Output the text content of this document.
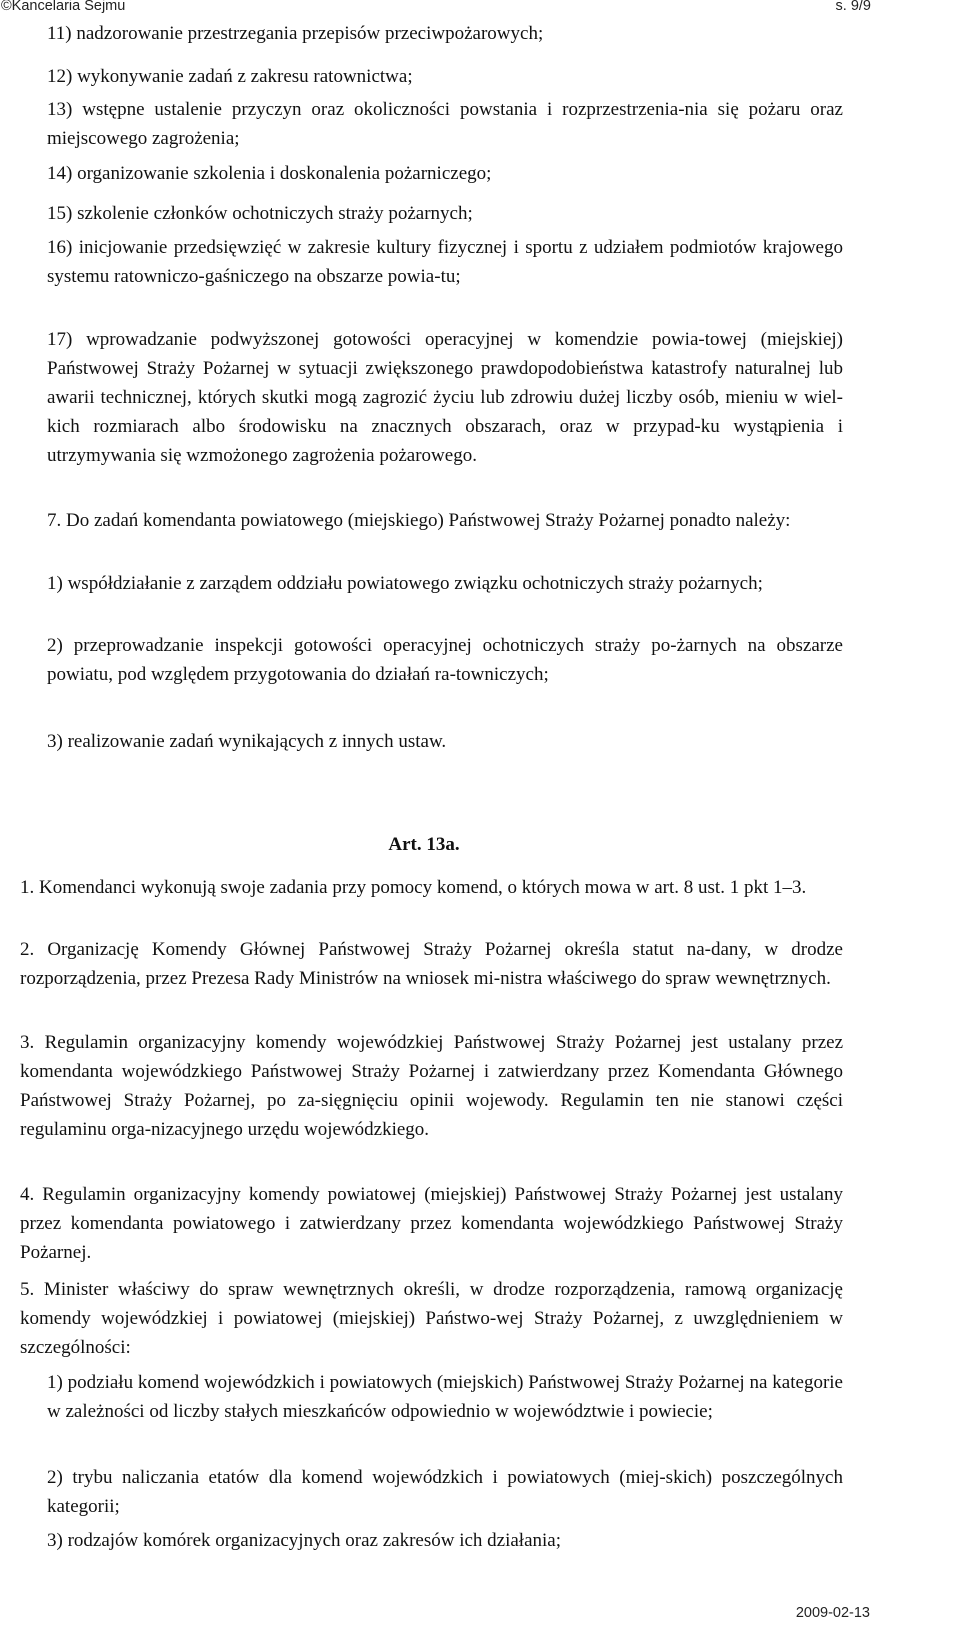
©Kancelaria Sejmu	s. 9/9
11) nadzorowanie przestrzegania przepisów przeciwpożarowych;
12) wykonywanie zadań z zakresu ratownictwa;
13) wstępne ustalenie przyczyn oraz okoliczności powstania i rozprzestrzenia-nia się pożaru oraz miejscowego zagrożenia;
14) organizowanie szkolenia i doskonalenia pożarniczego;
15) szkolenie członków ochotniczych straży pożarnych;
16) inicjowanie przedsięwzięć w zakresie kultury fizycznej i sportu z udziałem podmiotów krajowego systemu ratowniczo-gaśniczego na obszarze powia-tu;
17) wprowadzanie podwyższonej gotowości operacyjnej w komendzie powia-towej (miejskiej) Państwowej Straży Pożarnej w sytuacji zwiększonego prawdopodobieństwa katastrofy naturalnej lub awarii technicznej, których skutki mogą zagrozić życiu lub zdrowiu dużej liczby osób, mieniu w wiel-kich rozmiarach albo środowisku na znacznych obszarach, oraz w przypad-ku wystąpienia i utrzymywania się wzmożonego zagrożenia pożarowego.
7. Do zadań komendanta powiatowego (miejskiego) Państwowej Straży Pożarnej ponadto należy:
1) współdziałanie z zarządem oddziału powiatowego związku ochotniczych straży pożarnych;
2) przeprowadzanie inspekcji gotowości operacyjnej ochotniczych straży po-żarnych na obszarze powiatu, pod względem przygotowania do działań ra-towniczych;
3) realizowanie zadań wynikających z innych ustaw.
Art. 13a.
1. Komendanci wykonują swoje zadania przy pomocy komend, o których mowa w art. 8 ust. 1 pkt 1–3.
2. Organizację Komendy Głównej Państwowej Straży Pożarnej określa statut na-dany, w drodze rozporządzenia, przez Prezesa Rady Ministrów na wniosek mi-nistra właściwego do spraw wewnętrznych.
3. Regulamin organizacyjny komendy wojewódzkiej Państwowej Straży Pożarnej jest ustalany przez komendanta wojewódzkiego Państwowej Straży Pożarnej i zatwierdzany przez Komendanta Głównego Państwowej Straży Pożarnej, po za-sięgnięciu opinii wojewody. Regulamin ten nie stanowi części regulaminu orga-nizacyjnego urzędu wojewódzkiego.
4. Regulamin organizacyjny komendy powiatowej (miejskiej) Państwowej Straży Pożarnej jest ustalany przez komendanta powiatowego i zatwierdzany przez komendanta wojewódzkiego Państwowej Straży Pożarnej.
5. Minister właściwy do spraw wewnętrznych określi, w drodze rozporządzenia, ramową organizację komendy wojewódzkiej i powiatowej (miejskiej) Państwo-wej Straży Pożarnej, z uwzględnieniem w szczególności:
1) podziału komend wojewódzkich i powiatowych (miejskich) Państwowej Straży Pożarnej na kategorie w zależności od liczby stałych mieszkańców odpowiednio w województwie i powiecie;
2) trybu naliczania etatów dla komend wojewódzkich i powiatowych (miej-skich) poszczególnych kategorii;
3) rodzajów komórek organizacyjnych oraz zakresów ich działania;
2009-02-13
